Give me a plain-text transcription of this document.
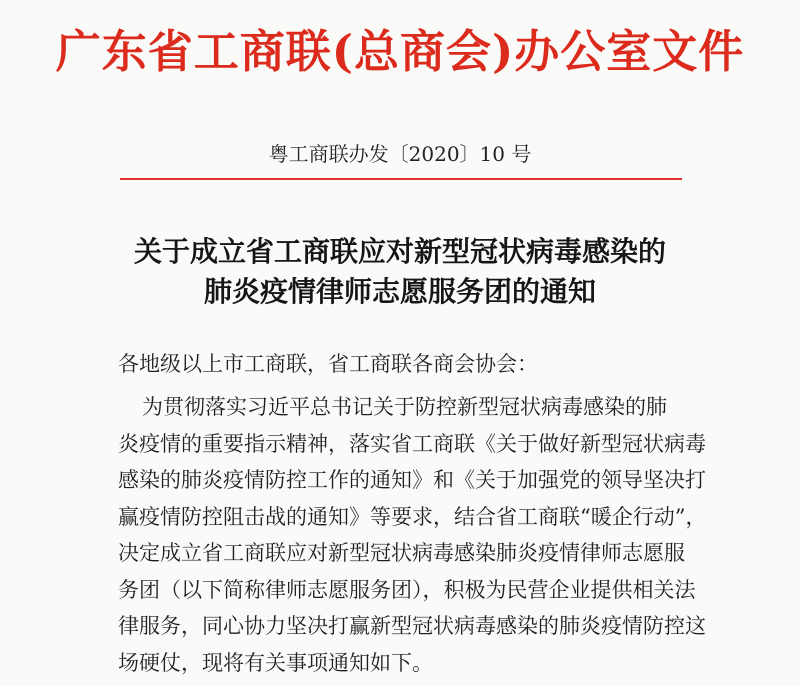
广东省工商联(总商会)办公室文件
粤工商联办发〔2020〕10 号
关于成立省工商联应对新型冠状病毒感染的
肺炎疫情律师志愿服务团的通知
各地级以上市工商联，省工商联各商会协会：
为贯彻落实习近平总书记关于防控新型冠状病毒感染的肺
炎疫情的重要指示精神，落实省工商联《关于做好新型冠状病毒
感染的肺炎疫情防控工作的通知》和《关于加强党的领导坚决打
赢疫情防控阻击战的通知》等要求，结合省工商联“暖企行动”，
决定成立省工商联应对新型冠状病毒感染肺炎疫情律师志愿服
务团（以下简称律师志愿服务团），积极为民营企业提供相关法
律服务，同心协力坚决打赢新型冠状病毒感染的肺炎疫情防控这
场硬仗，现将有关事项通知如下。
